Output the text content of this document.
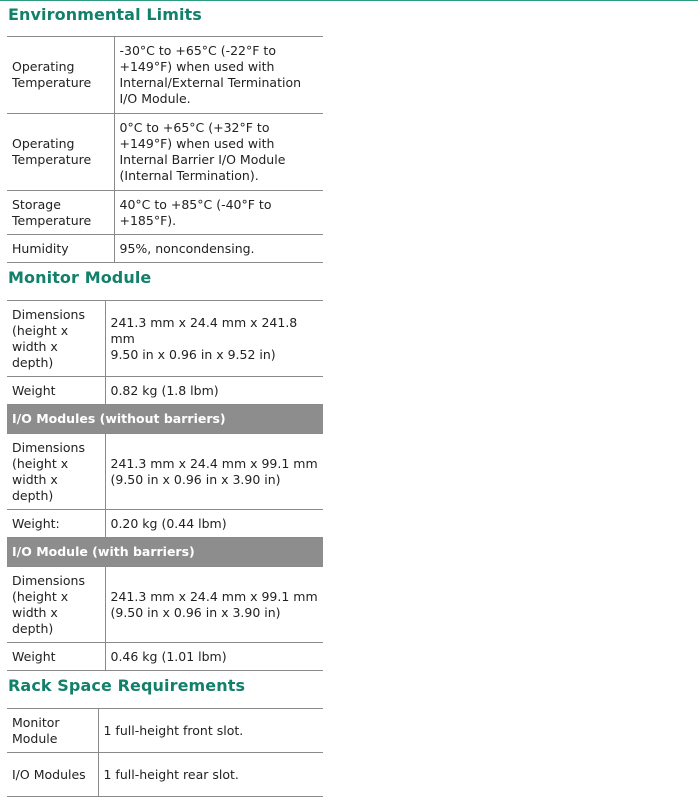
Environmental Limits
Operating Temperature	-30°C to +65°C (-22°F to +149°F) when used with Internal/External Termination I/O Module.
Operating Temperature	0°C to +65°C (+32°F to +149°F) when used with Internal Barrier I/O Module (Internal Termination).
Storage Temperature	40°C to +85°C (-40°F to +185°F).
Humidity	95%, noncondensing.
Monitor Module
Dimensions (height x width x depth)	241.3 mm x 24.4 mm x 241.8 mm
9.50 in x 0.96 in x 9.52 in)

Weight	0.82 kg (1.8 lbm)
I/O Modules (without barriers)	
Dimensions (height x width x depth)	241.3 mm x 24.4 mm x 99.1 mm
(9.50 in x 0.96 in x 3.90 in)

Weight:	0.20 kg (0.44 lbm)
I/O Module (with barriers)	
Dimensions (height x width x depth)	241.3 mm x 24.4 mm x 99.1 mm
(9.50 in x 0.96 in x 3.90 in)

Weight	0.46 kg (1.01 lbm)
Rack Space Requirements
Monitor Module	1 full-height front slot.
I/O Modules	1 full-height rear slot.
